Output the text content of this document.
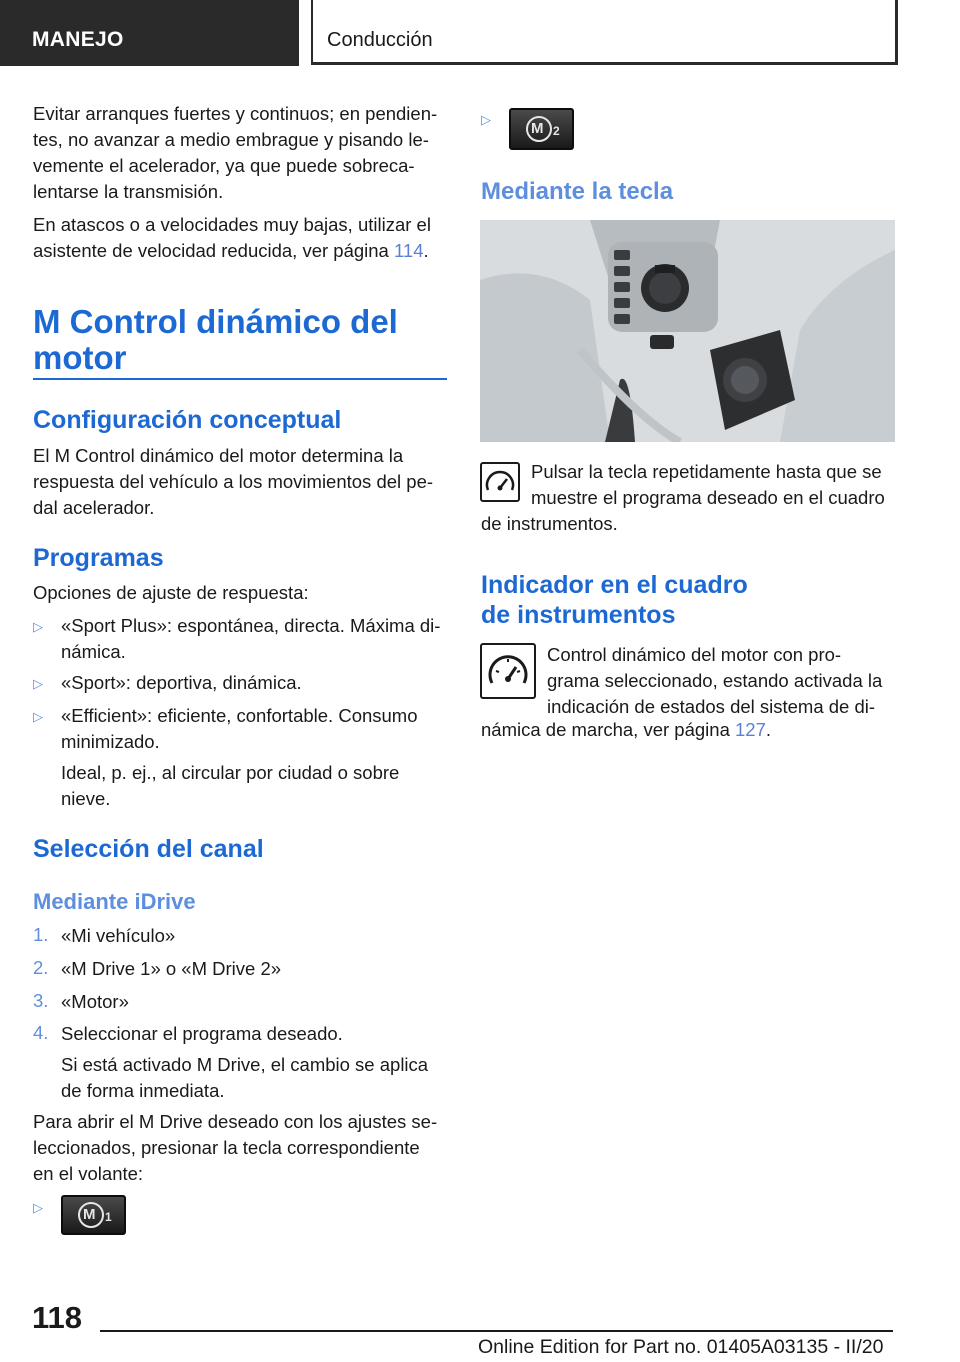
MANEJO	Conducción
Evitar arranques fuertes y continuos; en pendien-
tes, no avanzar a medio embrague y pisando le-
vemente el acelerador, ya que puede sobreca-
lentarse la transmisión.
En atascos o a velocidades muy bajas, utilizar el
asistente de velocidad reducida, ver página 114.
M Control dinámico del
motor
Configuración conceptual
El M Control dinámico del motor determina la
respuesta del vehículo a los movimientos del pe-
dal acelerador.
Programas
Opciones de ajuste de respuesta:
▷ «Sport Plus»: espontánea, directa. Máxima di-
námica.
▷ «Sport»: deportiva, dinámica.
▷ «Efficient»: eficiente, confortable. Consumo
minimizado.
Ideal, p. ej., al circular por ciudad o sobre
nieve.
Selección del canal
Mediante iDrive
1. «Mi vehículo»
2. «M Drive 1» o «M Drive 2»
3. «Motor»
4. Seleccionar el programa deseado.
Si está activado M Drive, el cambio se aplica
de forma inmediata.
Para abrir el M Drive deseado con los ajustes se-
leccionados, presionar la tecla correspondiente
en el volante:
▷	M 1
▷
M 2
Mediante la tecla
Pulsar la tecla repetidamente hasta que se
muestre el programa deseado en el cuadro
de instrumentos.
Indicador en el cuadro
de instrumentos
Control dinámico del motor con pro-
grama seleccionado, estando activada la
indicación de estados del sistema de di-
námica de marcha, ver página 127.
118
Online Edition for Part no. 01405A03135 - II/20
